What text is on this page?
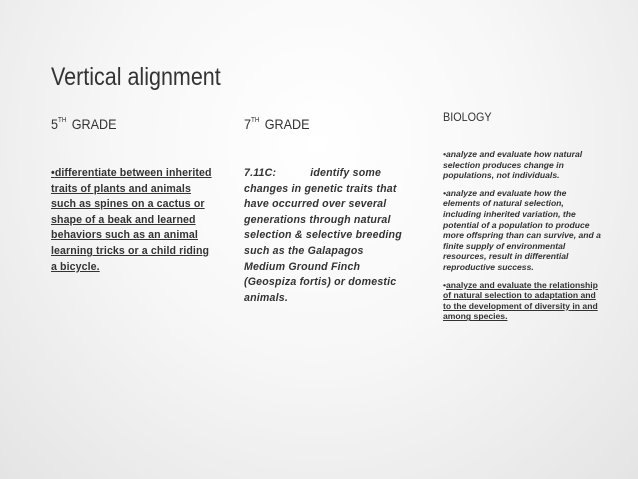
Vertical alignment
5TH GRADE
•differentiate between inherited traits of plants and animals such as spines on a cactus or shape of a beak and learned behaviors such as an animal learning tricks or a child riding a bicycle.
7TH GRADE
7.11C:	identify some changes in genetic traits that have occurred over several generations through natural selection & selective breeding such as the Galapagos Medium Ground Finch (Geospiza fortis) or domestic animals.
BIOLOGY
•analyze and evaluate how natural selection produces change in populations, not individuals.
•analyze and evaluate how the elements of natural selection, including inherited variation, the potential of a population to produce more offspring than can survive, and a finite supply of environmental resources, result in differential reproductive success.
•analyze and evaluate the relationship of natural selection to adaptation and to the development of diversity in and among species.
